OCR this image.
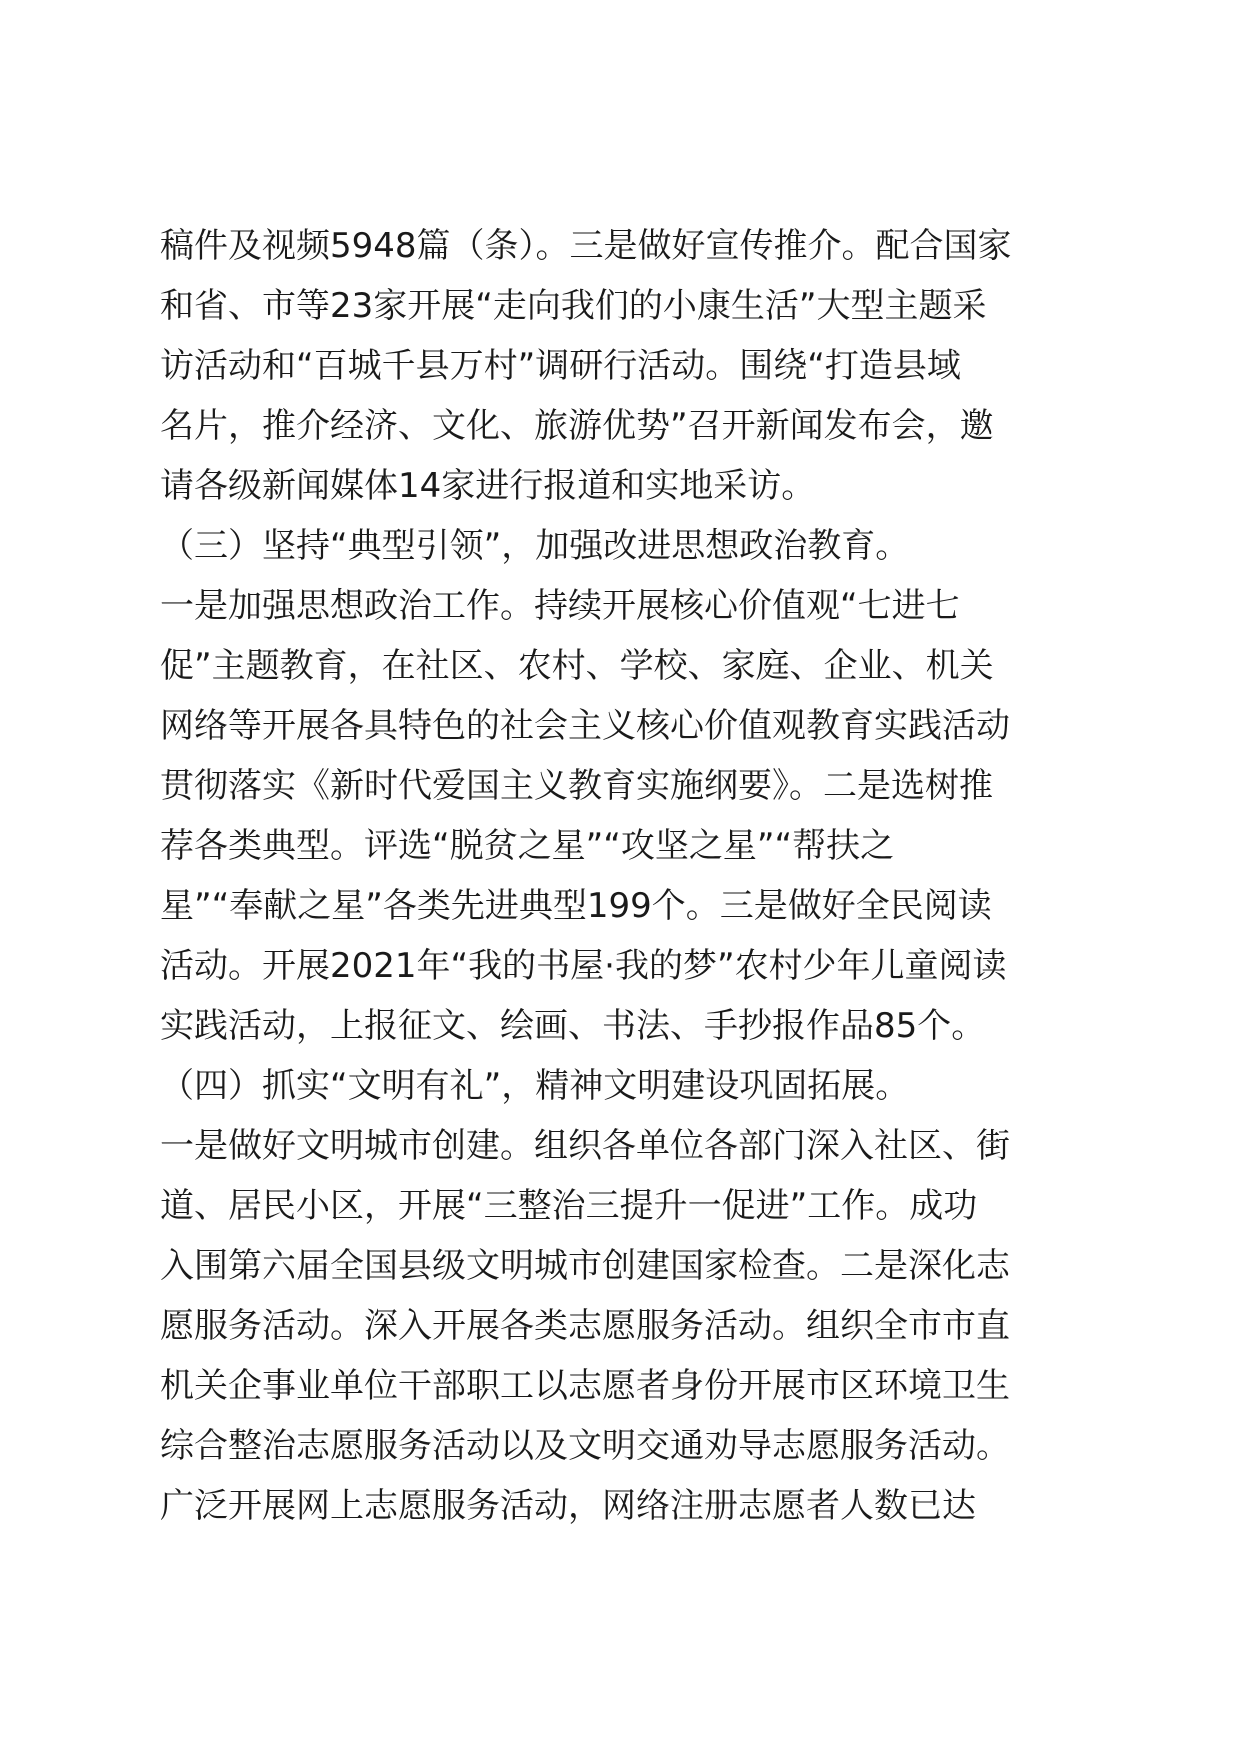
稿件及视频5948篇（条）。三是做好宣传推介。配合国家
和省、市等23家开展“走向我们的小康生活”大型主题采
访活动和“百城千县万村”调研行活动。围绕“打造县域
名片，推介经济、文化、旅游优势”召开新闻发布会，邀
请各级新闻媒体14家进行报道和实地采访。
（三）坚持“典型引领”，加强改进思想政治教育。
一是加强思想政治工作。持续开展核心价值观“七进七
促”主题教育，在社区、农村、学校、家庭、企业、机关
网络等开展各具特色的社会主义核心价值观教育实践活动
贯彻落实《新时代爱国主义教育实施纲要》。二是选树推
荐各类典型。评选“脱贫之星”“攻坚之星”“帮扶之
星”“奉献之星”各类先进典型199个。三是做好全民阅读
活动。开展2021年“我的书屋·我的梦”农村少年儿童阅读
实践活动，上报征文、绘画、书法、手抄报作品85个。
（四）抓实“文明有礼”，精神文明建设巩固拓展。
一是做好文明城市创建。组织各单位各部门深入社区、街
道、居民小区，开展“三整治三提升一促进”工作。成功
入围第六届全国县级文明城市创建国家检查。二是深化志
愿服务活动。深入开展各类志愿服务活动。组织全市市直
机关企事业单位干部职工以志愿者身份开展市区环境卫生
综合整治志愿服务活动以及文明交通劝导志愿服务活动。
广泛开展网上志愿服务活动，网络注册志愿者人数已达
